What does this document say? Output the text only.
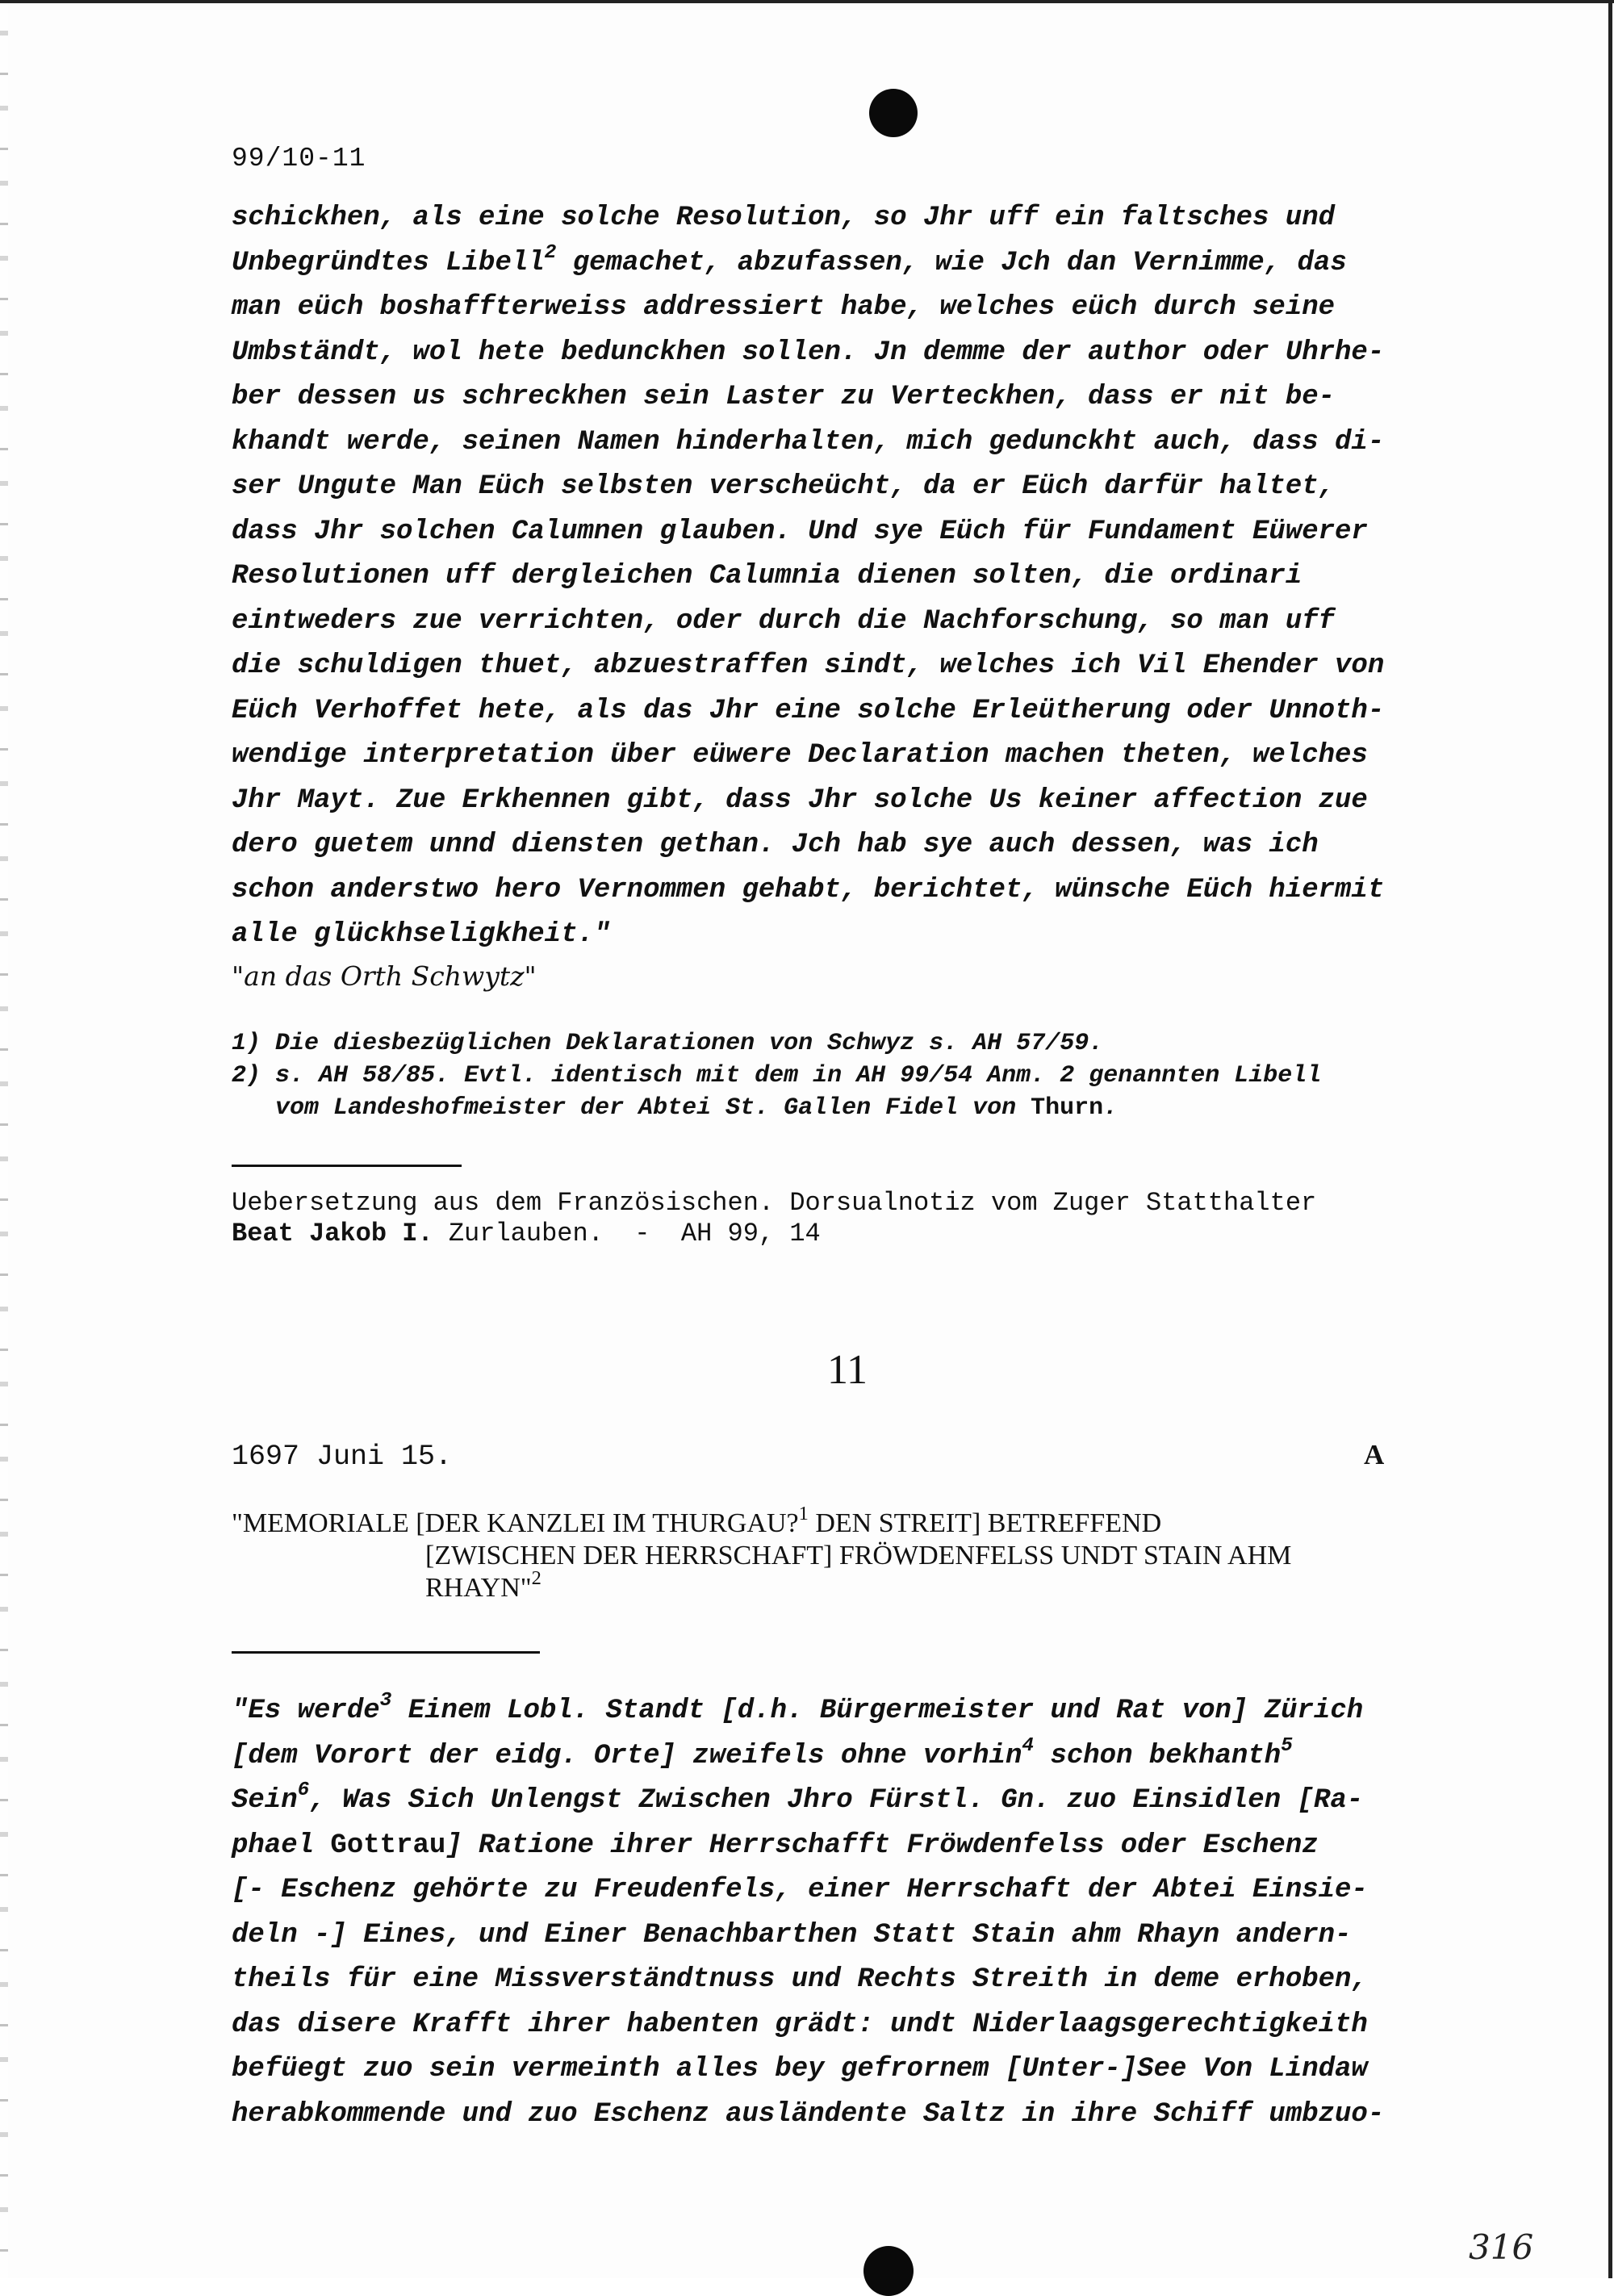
99/10-11
schickhen, als eine solche Resolution, so Jhr uff ein faltsches und
Unbegründtes Libell$^2$ gemachet, abzufassen, wie Jch dan Vernimme, das
man eüch boshaffterweiss addressiert habe, welches eüch durch seine
Umbständt, wol hete bedunckhen sollen. Jn demme der author oder Uhrhe-
ber dessen us schreckhen sein Laster zu Verteckhen, dass er nit be-
khandt werde, seinen Namen hinderhalten, mich gedunckht auch, dass di-
ser Ungute Man Eüch selbsten verscheücht, da er Eüch darfür haltet,
dass Jhr solchen Calumnen glauben. Und sye Eüch für Fundament Eüwerer
Resolutionen uff dergleichen Calumnia dienen solten, die ordinari
eintweders zue verrichten, oder durch die Nachforschung, so man uff
die schuldigen thuet, abzuestraffen sindt, welches ich Vil Ehender von
Eüch Verhoffet hete, als das Jhr eine solche Erleütherung oder Unnoth-
wendige interpretation über eüwere Declaration machen theten, welches
Jhr Mayt. Zue Erkhennen gibt, dass Jhr solche Us keiner affection zue
dero guetem unnd diensten gethan. Jch hab sye auch dessen, was ich
schon anderstwo hero Vernommen gehabt, berichtet, wünsche Eüch hiermit
alle glückhseligkheit."
"an das Orth Schwytz"
1) Die diesbezüglichen Deklarationen von Schwyz s. AH 57/59.
2) s. AH 58/85. Evtl. identisch mit dem in AH 99/54 Anm. 2 genannten Libell
vom Landeshofmeister der Abtei St. Gallen Fidel von Thurn.
Uebersetzung aus dem Französischen. Dorsualnotiz vom Zuger Statthalter
Beat Jakob I. Zurlauben.  -  AH 99, 14
11
1697 Juni 15.	A
"MEMORIALE [DER KANZLEI IM THURGAU?$^1$ DEN STREIT] BETREFFEND
[ZWISCHEN DER HERRSCHAFT] FRÖWDENFELSS UNDT STAIN AHM
RHAYN"$^2$
"Es werde$^3$ Einem Lobl. Standt [d.h. Bürgermeister und Rat von] Zürich
[dem Vorort der eidg. Orte] zweifels ohne vorhin$^4$ schon bekhanth$^5$
Sein$^6$, Was Sich Unlengst Zwischen Jhro Fürstl. Gn. zuo Einsidlen [Ra-
phael Gottrau] Ratione ihrer Herrschafft Fröwdenfelss oder Eschenz
[- Eschenz gehörte zu Freudenfels, einer Herrschaft der Abtei Einsie-
deln -] Eines, und Einer Benachbarthen Statt Stain ahm Rhayn andern-
theils für eine Missverständtnuss und Rechts Streith in deme erhoben,
das disere Krafft ihrer habenten grädt: undt Niderlaagsgerechtigkeith
befüegt zuo sein vermeinth alles bey gefrornem [Unter-]See Von Lindaw
herabkommende und zuo Eschenz ausländente Saltz in ihre Schiff umbzuo-
316
